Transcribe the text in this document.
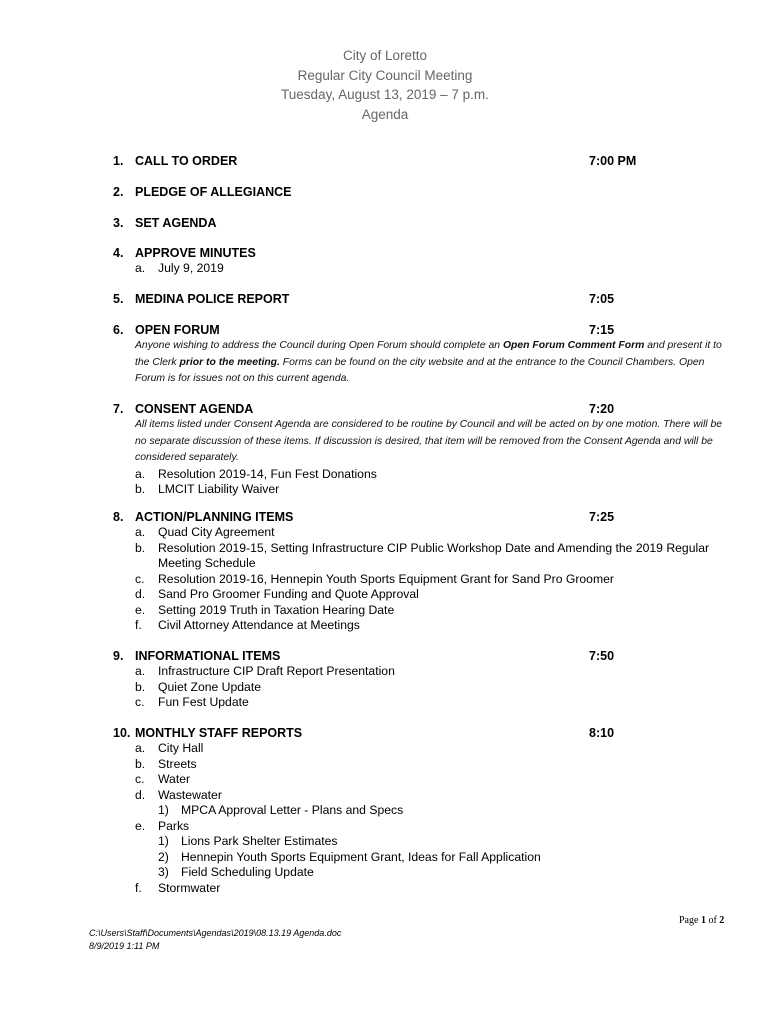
City of Loretto
Regular City Council Meeting
Tuesday, August 13, 2019 – 7 p.m.
Agenda
1. CALL TO ORDER	7:00 PM
2. PLEDGE OF ALLEGIANCE
3. SET AGENDA
4. APPROVE MINUTES
a. July 9, 2019
5. MEDINA POLICE REPORT	7:05
6. OPEN FORUM	7:15
Anyone wishing to address the Council during Open Forum should complete an Open Forum Comment Form and present it to the Clerk prior to the meeting. Forms can be found on the city website and at the entrance to the Council Chambers. Open Forum is for issues not on this current agenda.
7. CONSENT AGENDA	7:20
All items listed under Consent Agenda are considered to be routine by Council and will be acted on by one motion. There will be no separate discussion of these items. If discussion is desired, that item will be removed from the Consent Agenda and will be considered separately.
a. Resolution 2019-14, Fun Fest Donations
b. LMCIT Liability Waiver
8. ACTION/PLANNING ITEMS	7:25
a. Quad City Agreement
b. Resolution 2019-15, Setting Infrastructure CIP Public Workshop Date and Amending the 2019 Regular Meeting Schedule
c. Resolution 2019-16, Hennepin Youth Sports Equipment Grant for Sand Pro Groomer
d. Sand Pro Groomer Funding and Quote Approval
e. Setting 2019 Truth in Taxation Hearing Date
f. Civil Attorney Attendance at Meetings
9. INFORMATIONAL ITEMS	7:50
a. Infrastructure CIP Draft Report Presentation
b. Quiet Zone Update
c. Fun Fest Update
10. MONTHLY STAFF REPORTS	8:10
a. City Hall
b. Streets
c. Water
d. Wastewater
1) MPCA Approval Letter - Plans and Specs
e. Parks
1) Lions Park Shelter Estimates
2) Hennepin Youth Sports Equipment Grant, Ideas for Fall Application
3) Field Scheduling Update
f. Stormwater
Page 1 of 2
C:\Users\Staff\Documents\Agendas\2019\08.13.19 Agenda.doc
8/9/2019 1:11 PM
